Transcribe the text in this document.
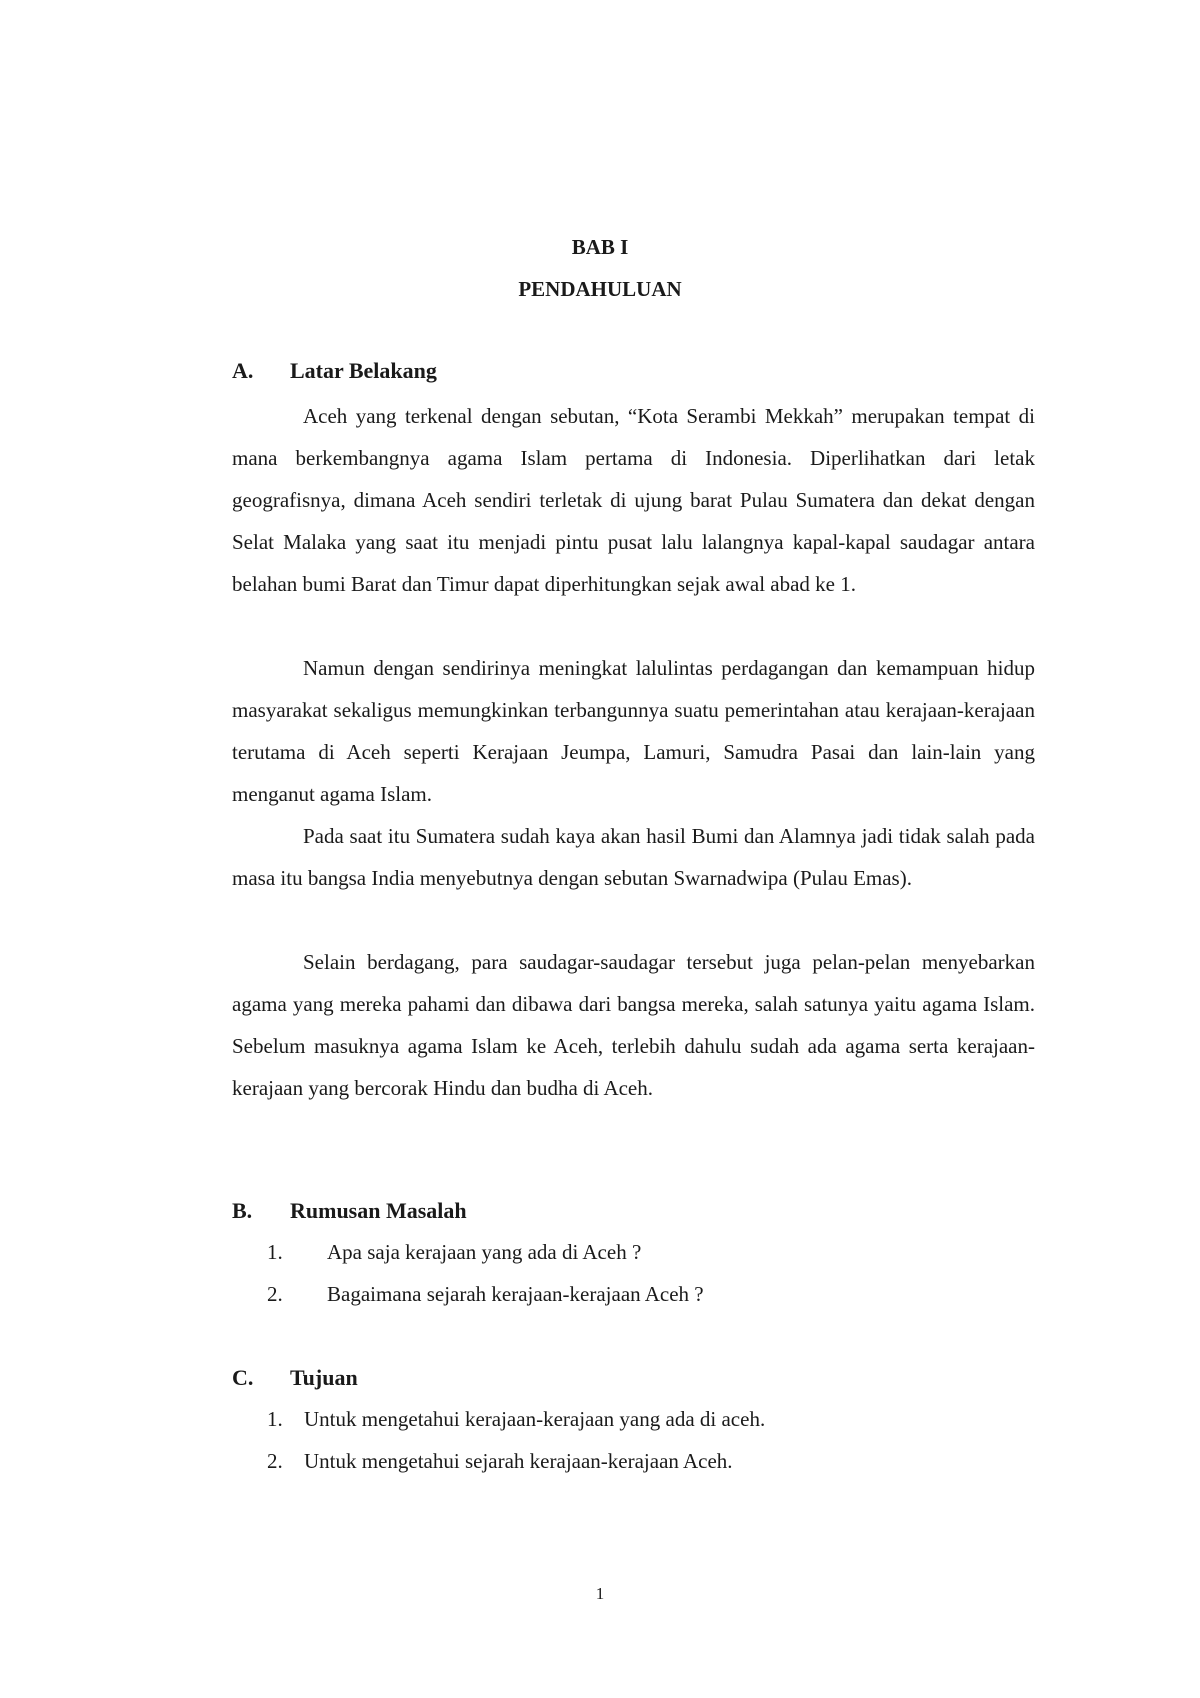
BAB I
PENDAHULUAN
A. Latar Belakang

Aceh yang terkenal dengan sebutan, “Kota Serambi Mekkah” merupakan tempat di mana berkembangnya agama Islam pertama di Indonesia. Diperlihatkan dari letak geografisnya, dimana Aceh sendiri terletak di ujung barat Pulau Sumatera dan dekat dengan Selat Malaka yang saat itu menjadi pintu pusat lalu lalangnya kapal-kapal saudagar antara belahan bumi Barat dan Timur dapat diperhitungkan sejak awal abad ke 1.

Namun dengan sendirinya meningkat lalulintas perdagangan dan kemampuan hidup masyarakat sekaligus memungkinkan terbangunnya suatu pemerintahan atau kerajaan-kerajaan terutama di Aceh seperti Kerajaan Jeumpa, Lamuri, Samudra Pasai dan lain-lain yang menganut agama Islam.

Pada saat itu Sumatera sudah kaya akan hasil Bumi dan Alamnya jadi tidak salah pada masa itu bangsa India menyebutnya dengan sebutan Swarnadwipa (Pulau Emas).

Selain berdagang, para saudagar-saudagar tersebut juga pelan-pelan menyebarkan agama yang mereka pahami dan dibawa dari bangsa mereka, salah satunya yaitu agama Islam. Sebelum masuknya agama Islam ke Aceh, terlebih dahulu sudah ada agama serta kerajaan-kerajaan yang bercorak Hindu dan budha di Aceh.

B. Rumusan Masalah
1. Apa saja kerajaan yang ada di Aceh ?
2. Bagaimana sejarah kerajaan-kerajaan Aceh ?
C. Tujuan
1. Untuk mengetahui kerajaan-kerajaan yang ada di aceh.
2. Untuk mengetahui sejarah kerajaan-kerajaan Aceh.
1
